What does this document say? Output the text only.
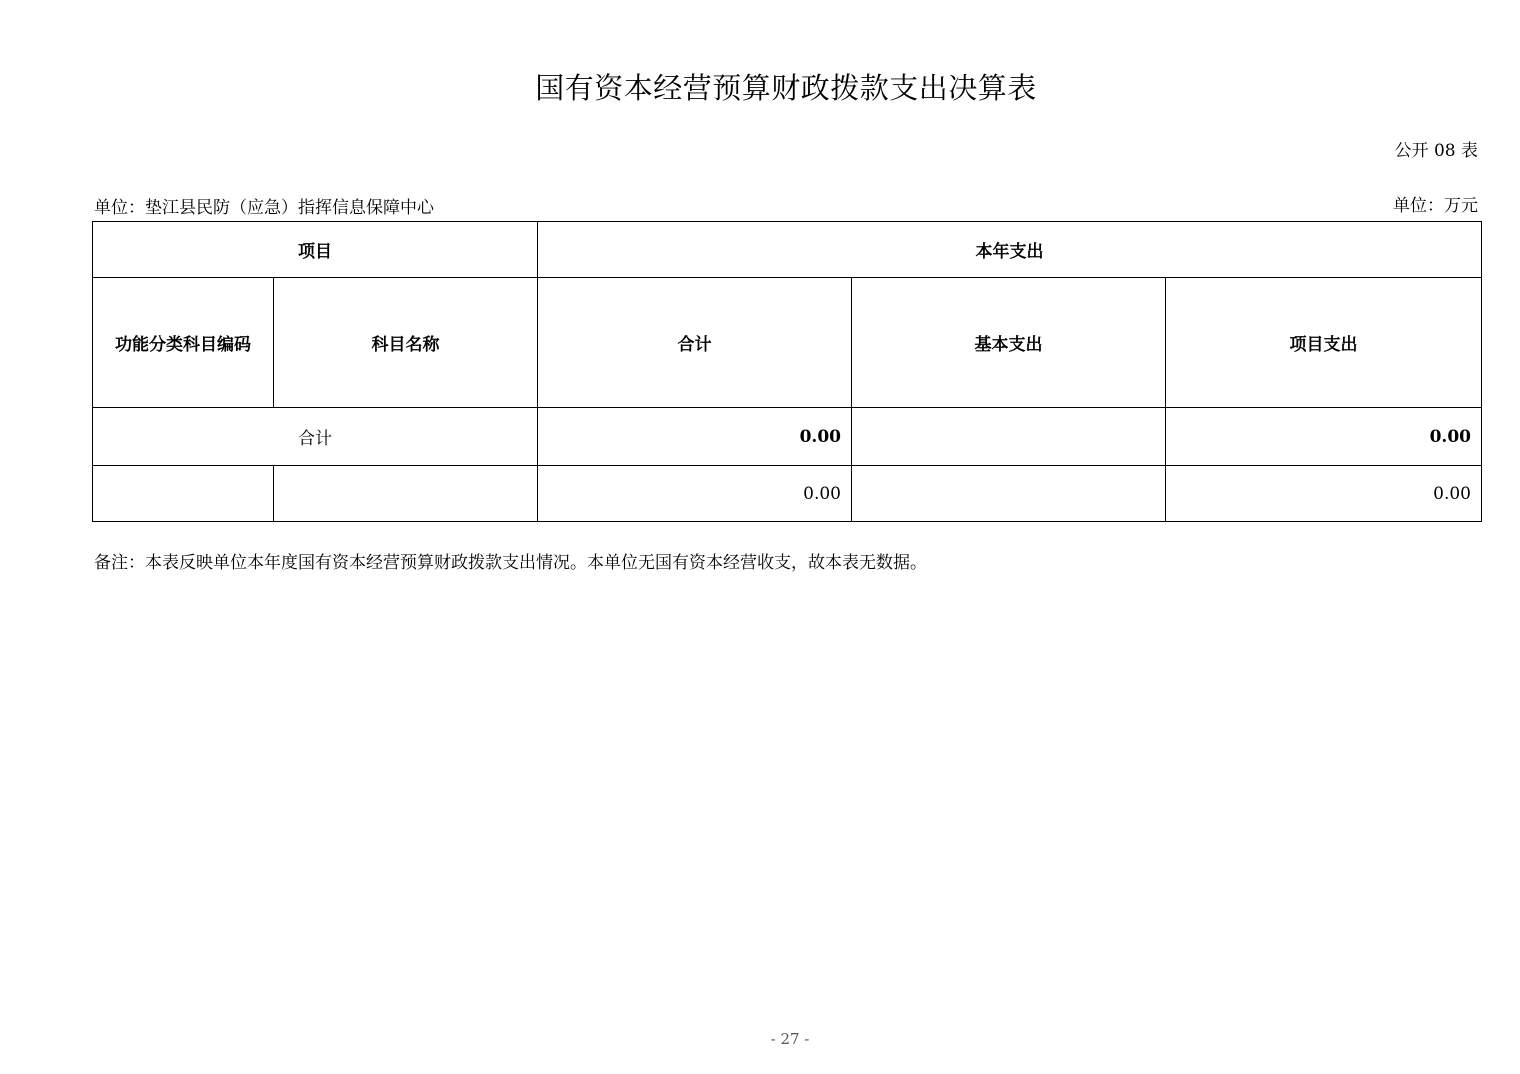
国有资本经营预算财政拨款支出决算表
公开 08 表
单位：垫江县民防（应急）指挥信息保障中心	单位：万元
项目		本年支出		
功能分类科目编码	科目名称	合计	基本支出	项目支出
合计		0.00		0.00
		0.00		0.00
备注：本表反映单位本年度国有资本经营预算财政拨款支出情况。本单位无国有资本经营收支，故本表无数据。
- 27 -
